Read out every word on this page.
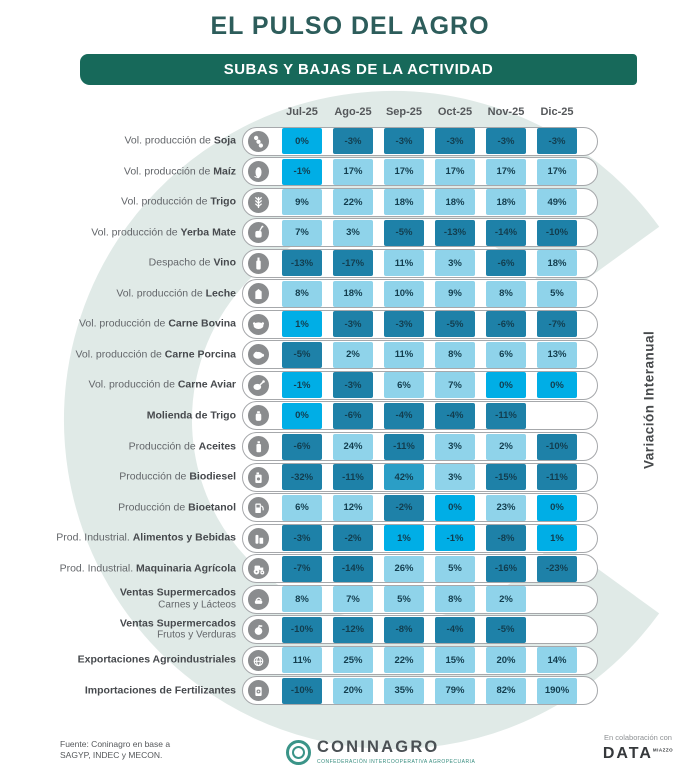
EL PULSO DEL AGRO
SUBAS Y BAJAS DE LA ACTIVIDAD
Jul-25	Ago-25	Sep-25	Oct-25	Nov-25	Dic-25
Vol. producción de Soja	0%	-3%	-3%	-3%	-3%	-3%
Vol. producción de Maíz	-1%	17%	17%	17%	17%	17%
Vol. producción de Trigo	9%	22%	18%	18%	18%	49%
Vol. producción de Yerba Mate	7%	3%	-5%	-13%	-14%	-10%
Despacho de Vino	-13%	-17%	11%	3%	-6%	18%
Vol. producción de Leche	8%	18%	10%	9%	8%	5%
Vol. producción de Carne Bovina	1%	-3%	-3%	-5%	-6%	-7%
Vol. producción de Carne Porcina	-5%	2%	11%	8%	6%	13%
Vol. producción de Carne Aviar	-1%	-3%	6%	7%	0%	0%
Molienda de Trigo	0%	-6%	-4%	-4%	-11%
Producción de Aceites	-6%	24%	-11%	3%	2%	-10%
Producción de Biodiesel	-32%	-11%	42%	3%	-15%	-11%
Producción de Bioetanol	6%	12%	-2%	0%	23%	0%
Prod. Industrial. Alimentos y Bebidas	-3%	-2%	1%	-1%	-8%	1%
Prod. Industrial. Maquinaria Agrícola	-7%	-14%	26%	5%	-16%	-23%
Ventas Supermercados
Carnes y Lácteos	8%	7%	5%	8%	2%
Ventas Supermercados
Frutos y Verduras	-10%	-12%	-8%	-4%	-5%
Exportaciones Agroindustriales	11%	25%	22%	15%	20%	14%
Importaciones de Fertilizantes	-10%	20%	35%	79%	82%	190%
Variación Interanual
Fuente: Coninagro en base a
SAGYP, INDEC y MECON.	CONINAGRO
CONFEDERACIÓN INTERCOOPERATIVA AGROPECUARIA
En colaboración con
$DATA^{MIAZZO}$
